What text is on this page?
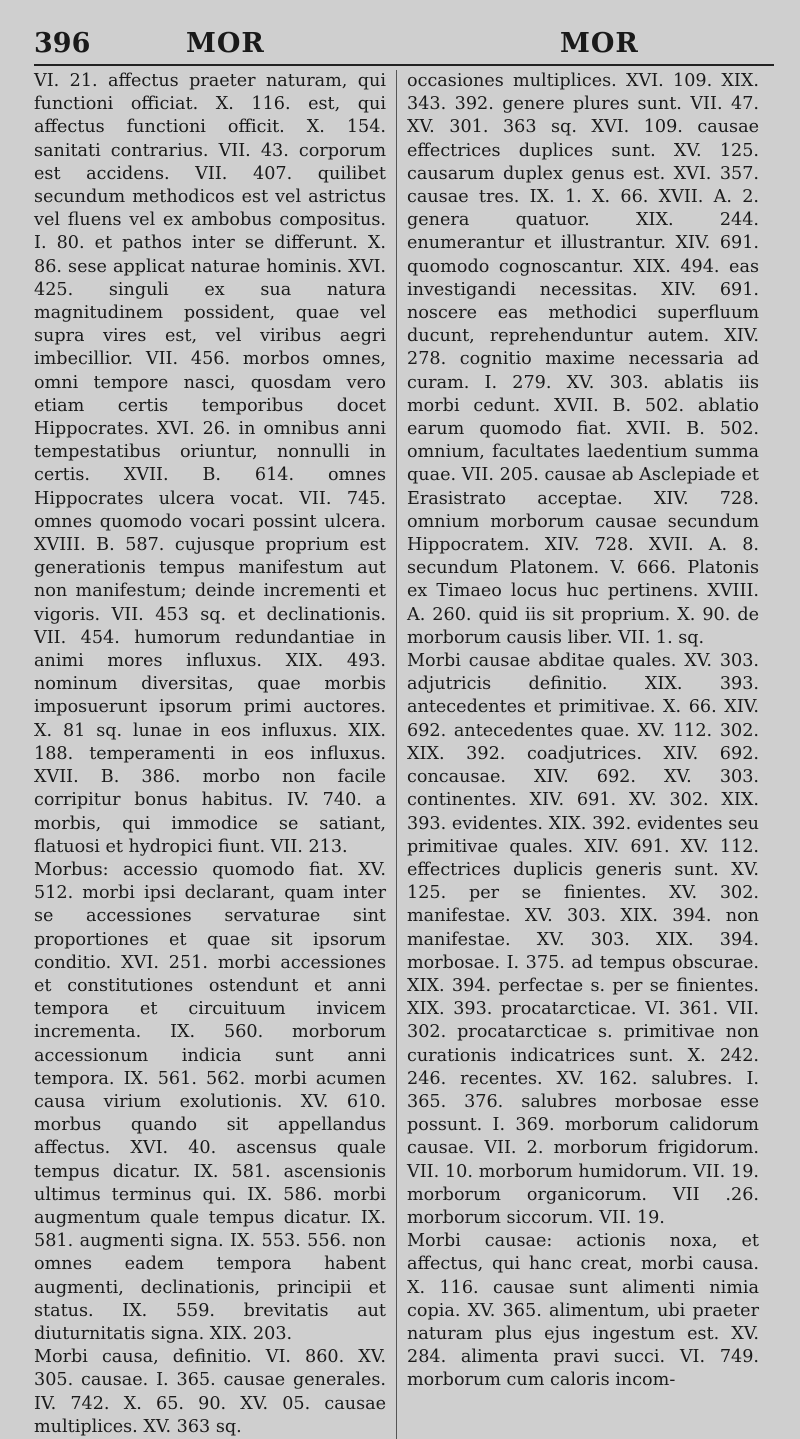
396	MOR	MOR

VI. 21. affectus praeter naturam, qui functioni officiat. X. 116. est, qui affectus functioni officit. X. 154. sanitati contrarius. VII. 43. corporum est accidens. VII. 407. quilibet secundum methodicos est vel astrictus vel fluens vel ex ambobus compositus. I. 80. et pathos inter se differunt. X. 86. sese applicat naturae hominis. XVI. 425. singuli ex sua natura magnitudinem possident, quae vel supra vires est, vel viribus aegri imbecillior. VII. 456. morbos omnes, omni tempore nasci, quosdam vero etiam certis temporibus docet Hippocrates. XVI. 26. in omnibus anni tempestatibus oriuntur, nonnulli in certis. XVII. B. 614. omnes Hippocrates ulcera vocat. VII. 745. omnes quomodo vocari possint ulcera. XVIII. B. 587. cujusque proprium est generationis tempus manifestum aut non manifestum; deinde incrementi et vigoris. VII. 453 sq. et declinationis. VII. 454. humorum redundantiae in animi mores influxus. XIX. 493. nominum diversitas, quae morbis imposuerunt ipsorum primi auctores. X. 81 sq. lunae in eos influxus. XIX. 188. temperamenti in eos influxus. XVII. B. 386. morbo non facile corripitur bonus habitus. IV. 740. a morbis, qui immodice se satiant, flatuosi et hydropici fiunt. VII. 213.

Morbus: accessio quomodo fiat. XV. 512. morbi ipsi declarant, quam inter se accessiones servaturae sint proportiones et quae sit ipsorum conditio. XVI. 251. morbi accessiones et constitutiones ostendunt et anni tempora et circuituum invicem incrementa. IX. 560. morborum accessionum indicia sunt anni tempora. IX. 561. 562. morbi acumen causa virium exolutionis. XV. 610. morbus quando sit appellandus affectus. XVI. 40. ascensus quale tempus dicatur. IX. 581. ascensionis ultimus terminus qui. IX. 586. morbi augmentum quale tempus dicatur. IX. 581. augmenti signa. IX. 553. 556. non omnes eadem tempora habent augmenti, declinationis, principii et status. IX. 559. brevitatis aut diuturnitatis signa. XIX. 203.

Morbi causa, definitio. VI. 860. XV. 305. causae. I. 365. causae generales. IV. 742. X. 65. 90. XV. 05. causae multiplices. XV. 363 sq.

occasiones multiplices. XVI. 109. XIX. 343. 392. genere plures sunt. VII. 47. XV. 301. 363 sq. XVI. 109. causae effectrices duplices sunt. XV. 125. causarum duplex genus est. XVI. 357. causae tres. IX. 1. X. 66. XVII. A. 2. genera quatuor. XIX. 244. enumerantur et illustrantur. XIV. 691. quomodo cognoscantur. XIX. 494. eas investigandi necessitas. XIV. 691. noscere eas methodici superfluum ducunt, reprehenduntur autem. XIV. 278. cognitio maxime necessaria ad curam. I. 279. XV. 303. ablatis iis morbi cedunt. XVII. B. 502. ablatio earum quomodo fiat. XVII. B. 502. omnium, facultates laedentium summa quae. VII. 205. causae ab Asclepiade et Erasistrato acceptae. XIV. 728. omnium morborum causae secundum Hippocratem. XIV. 728. XVII. A. 8. secundum Platonem. V. 666. Platonis ex Timaeo locus huc pertinens. XVIII. A. 260. quid iis sit proprium. X. 90. de morborum causis liber. VII. 1. sq.

Morbi causae abditae quales. XV. 303. adjutricis definitio. XIX. 393. antecedentes et primitivae. X. 66. XIV. 692. antecedentes quae. XV. 112. 302. XIX. 392. coadjutrices. XIV. 692. concausae. XIV. 692. XV. 303. continentes. XIV. 691. XV. 302. XIX. 393. evidentes. XIX. 392. evidentes seu primitivae quales. XIV. 691. XV. 112. effectrices duplicis generis sunt. XV. 125. per se finientes. XV. 302. manifestae. XV. 303. XIX. 394. non manifestae. XV. 303. XIX. 394. morbosae. I. 375. ad tempus obscurae. XIX. 394. perfectae s. per se finientes. XIX. 393. procatarcticae. VI. 361. VII. 302. procatarcticae s. primitivae non curationis indicatrices sunt. X. 242. 246. recentes. XV. 162. salubres. I. 365. 376. salubres morbosae esse possunt. I. 369. morborum calidorum causae. VII. 2. morborum frigidorum. VII. 10. morborum humidorum. VII. 19. morborum organicorum. VII .26. morborum siccorum. VII. 19.

Morbi causae: actionis noxa, et affectus, qui hanc creat, morbi causa. X. 116. causae sunt alimenti nimia copia. XV. 365. alimentum, ubi praeter naturam plus ejus ingestum est. XV. 284. alimenta pravi succi. VI. 749. morborum cum caloris incom-
